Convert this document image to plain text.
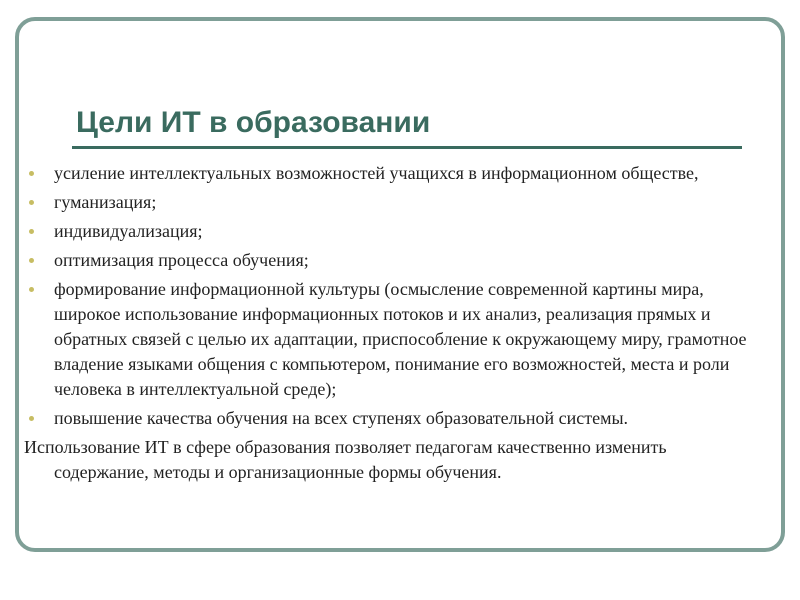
Цели ИТ в образовании
усиление интеллектуальных возможностей учащихся в информационном обществе,
гуманизация;
индивидуализация;
оптимизация процесса обучения;
формирование информационной культуры (осмысление современной картины мира, широкое использование информационных потоков и их анализ, реализация прямых и обратных связей с целью их адаптации, приспособление к окружающему миру, грамотное владение языками общения с компьютером, понимание его возможностей, места и роли человека в интеллектуальной среде);
повышение качества обучения на всех ступенях образовательной системы.

Использование ИТ в сфере образования позволяет педагогам качественно изменить содержание, методы и организационные формы обучения.
